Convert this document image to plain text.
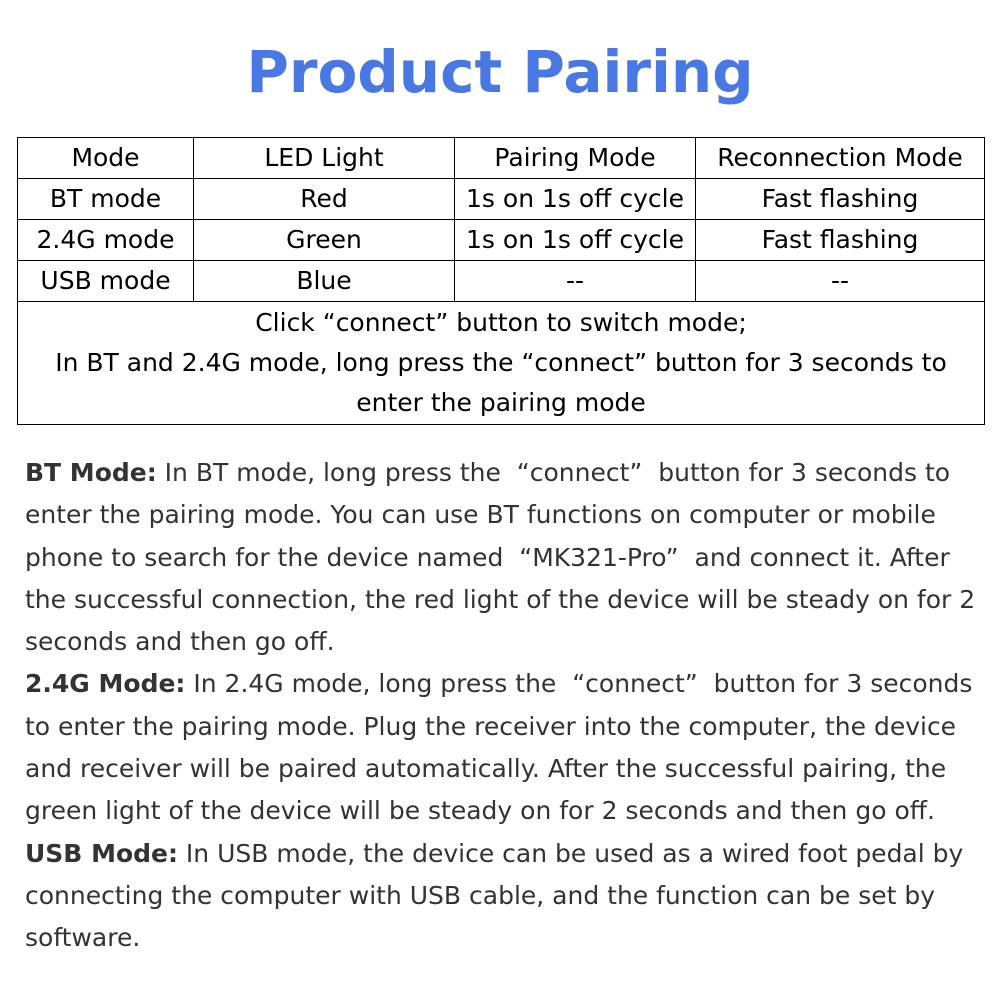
Product Pairing
Mode	LED Light	Pairing Mode	Reconnection Mode
BT mode	Red	1s on 1s off cycle	Fast flashing
2.4G mode	Green	1s on 1s off cycle	Fast flashing
USB mode	Blue	--	--

Click “connect” button to switch mode;
In BT and 2.4G mode, long press the “connect” button for 3 seconds to
enter the pairing mode			

BT Mode: In BT mode, long press the  “connect”  button for 3 seconds to enter the pairing mode. You can use BT functions on computer or mobile phone to search for the device named  “MK321-Pro”  and connect it. After the successful connection, the red light of the device will be steady on for 2 seconds and then go off.

2.4G Mode: In 2.4G mode, long press the  “connect”  button for 3 seconds to enter the pairing mode. Plug the receiver into the computer, the device and receiver will be paired automatically. After the successful pairing, the green light of the device will be steady on for 2 seconds and then go off.

USB Mode: In USB mode, the device can be used as a wired foot pedal by connecting the computer with USB cable, and the function can be set by software.
